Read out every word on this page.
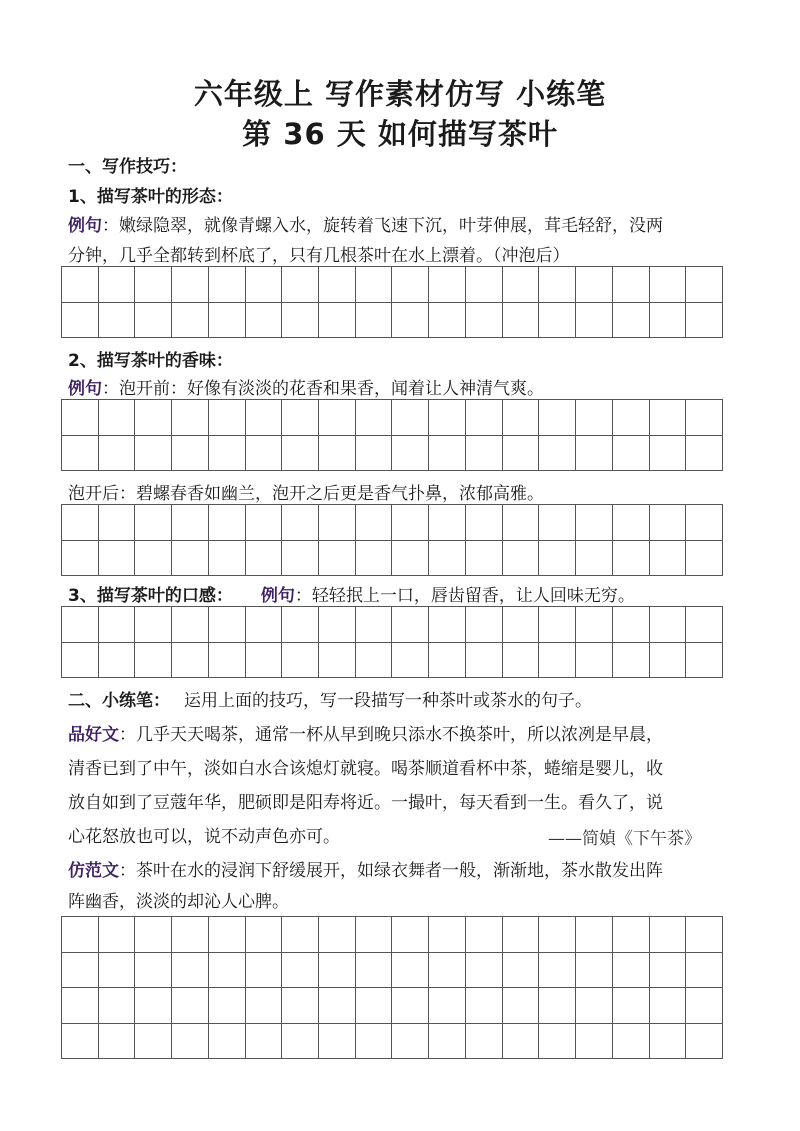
六年级上 写作素材仿写 小练笔
第 36 天 如何描写茶叶
一、写作技巧：
1、描写茶叶的形态：
例句：嫩绿隐翠，就像青螺入水，旋转着飞速下沉，叶芽伸展，茸毛轻舒，没两
分钟，几乎全都转到杯底了，只有几根茶叶在水上漂着。（冲泡后）
2、描写茶叶的香味：
例句：泡开前：好像有淡淡的花香和果香，闻着让人神清气爽。
泡开后：碧螺春香如幽兰，泡开之后更是香气扑鼻，浓郁高雅。
3、描写茶叶的口感： 例句：轻轻抿上一口，唇齿留香，让人回味无穷。
二、小练笔： 运用上面的技巧，写一段描写一种茶叶或茶水的句子。
品好文：几乎天天喝茶，通常一杯从早到晚只添水不换茶叶，所以浓冽是早晨，
清香已到了中午，淡如白水合该熄灯就寝。喝茶顺道看杯中茶，蜷缩是婴儿，收
放自如到了豆蔻年华，肥硕即是阳寿将近。一撮叶，每天看到一生。看久了，说
心花怒放也可以，说不动声色亦可。	——简媜《下午茶》
仿范文：茶叶在水的浸润下舒缓展开，如绿衣舞者一般，渐渐地，茶水散发出阵
阵幽香，淡淡的却沁人心脾。
